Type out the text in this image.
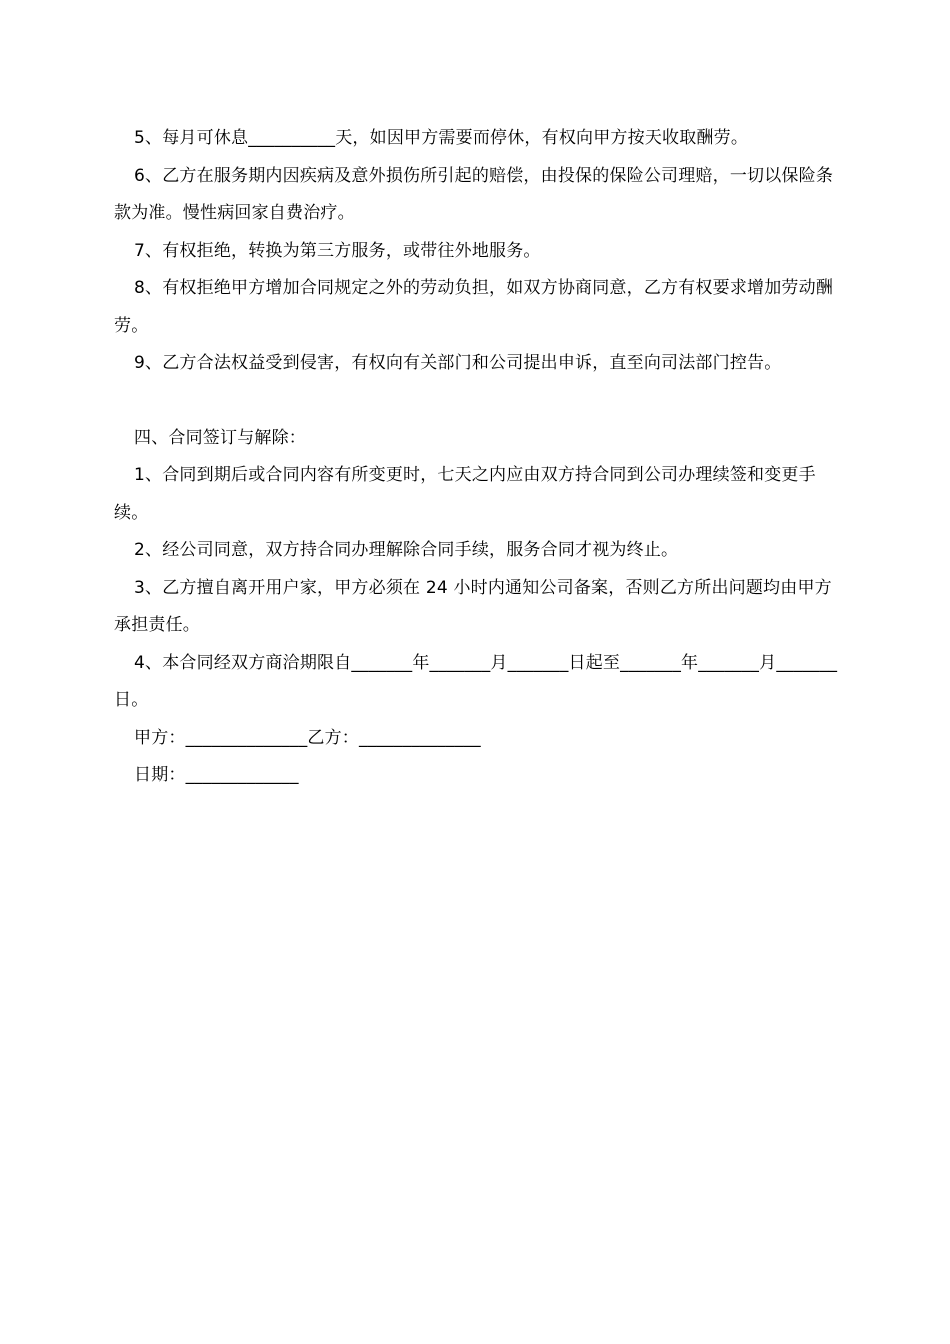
5、每月可休息__________天，如因甲方需要而停休，有权向甲方按天收取酬劳。

6、乙方在服务期内因疾病及意外损伤所引起的赔偿，由投保的保险公司理赔，一切以保险条款为准。慢性病回家自费治疗。

7、有权拒绝，转换为第三方服务，或带往外地服务。

8、有权拒绝甲方增加合同规定之外的劳动负担，如双方协商同意，乙方有权要求增加劳动酬劳。

9、乙方合法权益受到侵害，有权向有关部门和公司提出申诉，直至向司法部门控告。

四、合同签订与解除：

1、合同到期后或合同内容有所变更时，七天之内应由双方持合同到公司办理续签和变更手续。

2、经公司同意，双方持合同办理解除合同手续，服务合同才视为终止。

3、乙方擅自离开用户家，甲方必须在 24 小时内通知公司备案，否则乙方所出问题均由甲方承担责任。

4、本合同经双方商洽期限自_______年_______月_______日起至_______年_______月_______日。

甲方：______________乙方：______________

日期：_____________
